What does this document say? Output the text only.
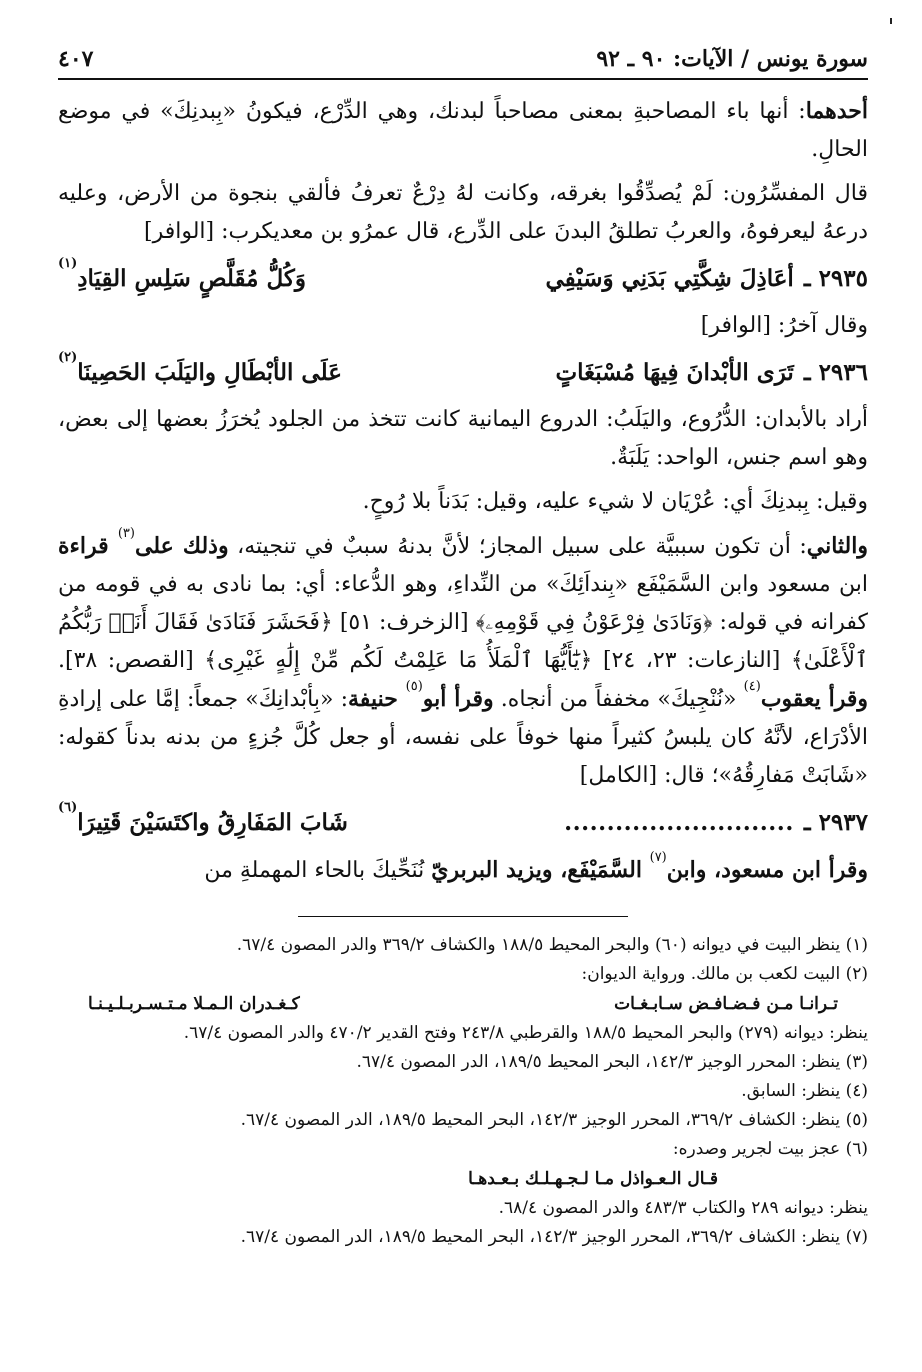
سورة يونس / الآيات: ٩٠ ـ ٩٢
٤٠٧

أحدهما: أنها باء المصاحبةِ بمعنى مصاحباً لبدنك، وهي الدِّرْع، فيكونُ «بِبدنِكَ» في موضع الحالِ.

قال المفسِّرُون: لَمْ يُصدِّقُوا بغرقه، وكانت لهُ دِرْعٌ تعرفُ فألقي بنجوة من الأرض، وعليه درعهُ ليعرفوهُ، والعربُ تطلقُ البدنَ على الدِّرع، قال عمرُو بن معديكرب: [الوافر]

٢٩٣٥ ـ
أعَاذِلَ شِكَّتِي بَدَنِي وَسَيْفِي
وَكُلُّ مُقَلَّصٍ سَلِسِ القِيَادِ$^{(١)}$

وقال آخرُ: [الوافر]

٢٩٣٦ ـ
تَرَى الأبْدانَ فِيهَا مُسْبَغَاتٍ
عَلَى الأبْطَالِ واليَلَبَ الحَصِينَا$^{(٢)}$

أراد بالأبدان: الدُّرُوع، واليَلَبُ: الدروع اليمانية كانت تتخذ من الجلود يُخرَزُ بعضها إلى بعض، وهو اسم جنس، الواحد: يَلَبَةٌ.

وقيل: بِبدنِكَ أي: عُرْيَان لا شيء عليه، وقيل: بَدَناً بلا رُوحٍ.

والثاني: أن تكون سببيَّة على سبيل المجاز؛ لأنَّ بدنهُ سببٌ في تنجيته، وذلك على$^{(٣)}$ قراءة ابن مسعود وابن السَّمَيْفَع «بِنداَئِكَ» من النِّداءِ، وهو الدُّعاء: أي: بما نادى به في قومه من كفرانه في قوله: ﴿وَنَادَىٰ فِرْعَوْنُ فِي قَوْمِهِۦ﴾ [الزخرف: ٥١] ﴿فَحَشَرَ فَنَادَىٰ فَقَالَ أَنَا۠ رَبُّكُمُ ٱلْأَعْلَىٰ﴾ [النازعات: ٢٣، ٢٤] ﴿يَٰٓأَيُّهَا ٱلْمَلَأُ مَا عَلِمْتُ لَكُم مِّنْ إِلَٰهٍ غَيْرِى﴾ [القصص: ٣٨]. وقرأ يعقوب$^{(٤)}$ «نُنْجِيكَ» مخففاً من أنجاه. وقرأ أبو$^{(٥)}$ حنيفة: «بِأبْدانِكَ» جمعاً: إمَّا على إرادةِ الأدْرَاع، لأنَّهُ كان يلبسُ كثيراً منها خوفاً على نفسه، أو جعل كُلَّ جُزءٍ من بدنه بدناً كقوله: «شَابَتْ مَفارِقُهُ»؛ قال: [الكامل]

٢٩٣٧ ـ
...........................
شَابَ المَفَارِقُ واكتَسَيْنَ قَتِيرَا$^{(٦)}$

وقرأ ابن مسعود، وابن$^{(٧)}$ السَّمَيْفَع، ويزيد البربريّ نُنَحِّيكَ بالحاء المهملةِ من

(١) ينظر البيت في ديوانه (٦٠) والبحر المحيط ١٨٨/٥ والكشاف ٣٦٩/٢ والدر المصون ٦٧/٤.

(٢) البيت لكعب بن مالك. ورواية الديوان:

تـرانـا مـن فـضـافـض سـابـغـات
كـغـدران الـمـلا مـتـسـربـلـيـنـا

ينظر: ديوانه (٢٧٩) والبحر المحيط ١٨٨/٥ والقرطبي ٢٤٣/٨ وفتح القدير ٤٧٠/٢ والدر المصون ٦٧/٤.

(٣) ينظر: المحرر الوجيز ١٤٢/٣، البحر المحيط ١٨٩/٥، الدر المصون ٦٧/٤.

(٤) ينظر: السابق.

(٥) ينظر: الكشاف ٣٦٩/٢، المحرر الوجيز ١٤٢/٣، البحر المحيط ١٨٩/٥، الدر المصون ٦٧/٤.

(٦) عجز بيت لجرير وصدره:

قـال الـعـواذل مـا لـجـهـلـك بـعـدهـا

ينظر: ديوانه ٢٨٩ والكتاب ٤٨٣/٣ والدر المصون ٦٨/٤.

(٧) ينظر: الكشاف ٣٦٩/٢، المحرر الوجيز ١٤٢/٣، البحر المحيط ١٨٩/٥، الدر المصون ٦٧/٤.
